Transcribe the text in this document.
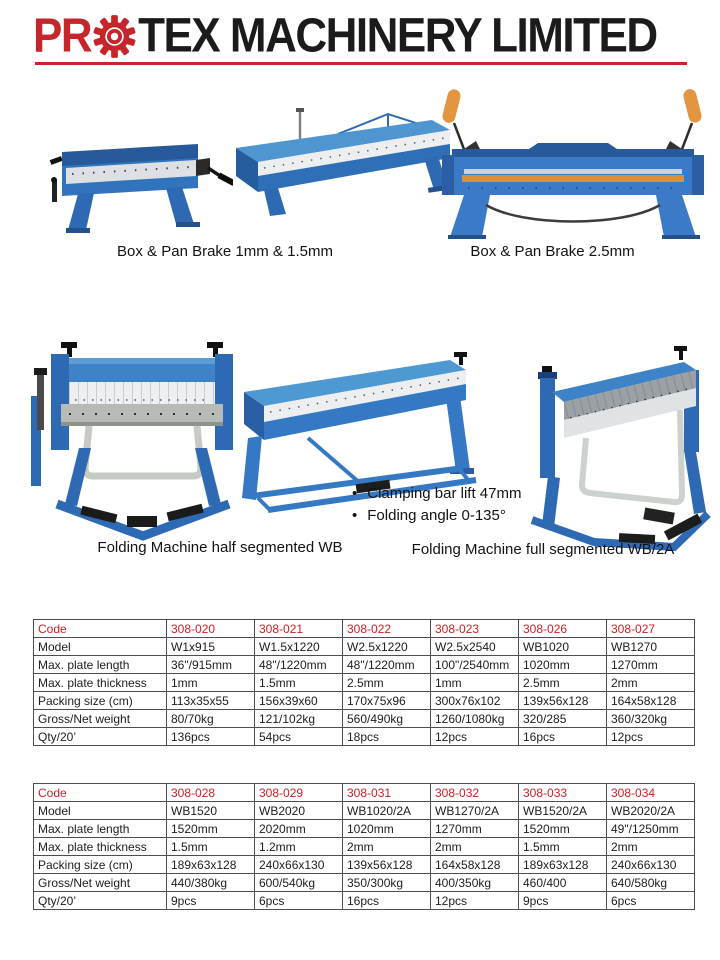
PR TEX MACHINERY LIMITED
Box & Pan Brake 1mm & 1.5mm	Box & Pan Brake 2.5mm
• Clamping bar lift 47mm
• Folding angle 0-135°
Folding Machine half segmented WB	Folding Machine full segmented WB/2A
Code	308-020	308-021	308-022	308-023	308-026	308-027
Model	W1x915	W1.5x1220	W2.5x1220	W2.5x2540	WB1020	WB1270
Max. plate length	36"/915mm	48"/1220mm	48"/1220mm	100"/2540mm	1020mm	1270mm
Max. plate thickness	1mm	1.5mm	2.5mm	1mm	2.5mm	2mm
Packing size (cm)	113x35x55	156x39x60	170x75x96	300x76x102	139x56x128	164x58x128
Gross/Net weight	80/70kg	121/102kg	560/490kg	1260/1080kg	320/285	360/320kg
Qty/20’	136pcs	54pcs	18pcs	12pcs	16pcs	12pcs
Code	308-028	308-029	308-031	308-032	308-033	308-034
Model	WB1520	WB2020	WB1020/2A	WB1270/2A	WB1520/2A	WB2020/2A
Max. plate length	1520mm	2020mm	1020mm	1270mm	1520mm	49"/1250mm
Max. plate thickness	1.5mm	1.2mm	2mm	2mm	1.5mm	2mm
Packing size (cm)	189x63x128	240x66x130	139x56x128	164x58x128	189x63x128	240x66x130
Gross/Net weight	440/380kg	600/540kg	350/300kg	400/350kg	460/400	640/580kg
Qty/20’	9pcs	6pcs	16pcs	12pcs	9pcs	6pcs
